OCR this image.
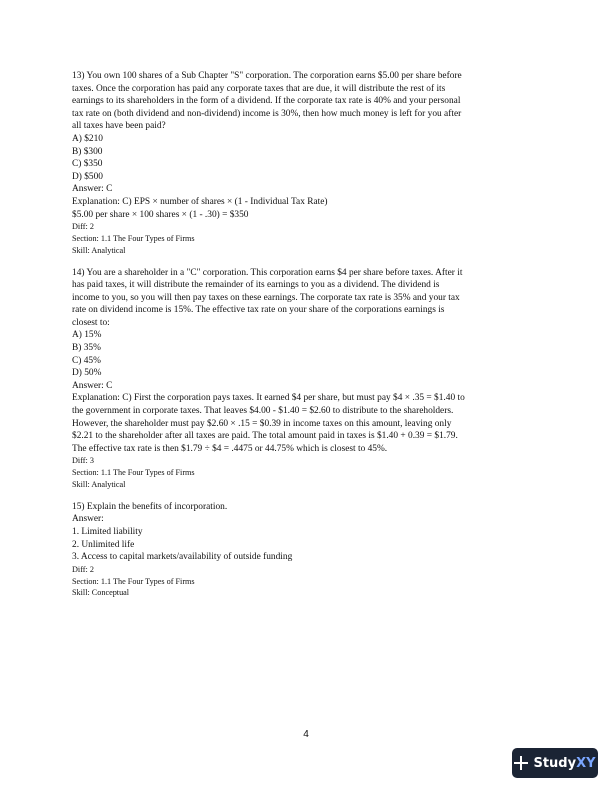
13) You own 100 shares of a Sub Chapter "S" corporation. The corporation earns $5.00 per share before
taxes. Once the corporation has paid any corporate taxes that are due, it will distribute the rest of its
earnings to its shareholders in the form of a dividend. If the corporate tax rate is 40% and your personal
tax rate on (both dividend and non-dividend) income is 30%, then how much money is left for you after
all taxes have been paid?
A) $210
B) $300
C) $350
D) $500
Answer: C
Explanation: C) EPS × number of shares × (1 - Individual Tax Rate)
$5.00 per share × 100 shares × (1 - .30) = $350
Diff: 2
Section: 1.1 The Four Types of Firms
Skill: Analytical
14) You are a shareholder in a "C" corporation. This corporation earns $4 per share before taxes. After it
has paid taxes, it will distribute the remainder of its earnings to you as a dividend. The dividend is
income to you, so you will then pay taxes on these earnings. The corporate tax rate is 35% and your tax
rate on dividend income is 15%. The effective tax rate on your share of the corporations earnings is
closest to:
A) 15%
B) 35%
C) 45%
D) 50%
Answer: C
Explanation: C) First the corporation pays taxes. It earned $4 per share, but must pay $4 × .35 = $1.40 to
the government in corporate taxes. That leaves $4.00 - $1.40 = $2.60 to distribute to the shareholders.
However, the shareholder must pay $2.60 × .15 = $0.39 in income taxes on this amount, leaving only
$2.21 to the shareholder after all taxes are paid. The total amount paid in taxes is $1.40 + 0.39 = $1.79.
The effective tax rate is then $1.79 ÷ $4 = .4475 or 44.75% which is closest to 45%.
Diff: 3
Section: 1.1 The Four Types of Firms
Skill: Analytical
15) Explain the benefits of incorporation.
Answer:
1. Limited liability
2. Unlimited life
3. Access to capital markets/availability of outside funding
Diff: 2
Section: 1.1 The Four Types of Firms
Skill: Conceptual
4
StudyXY
